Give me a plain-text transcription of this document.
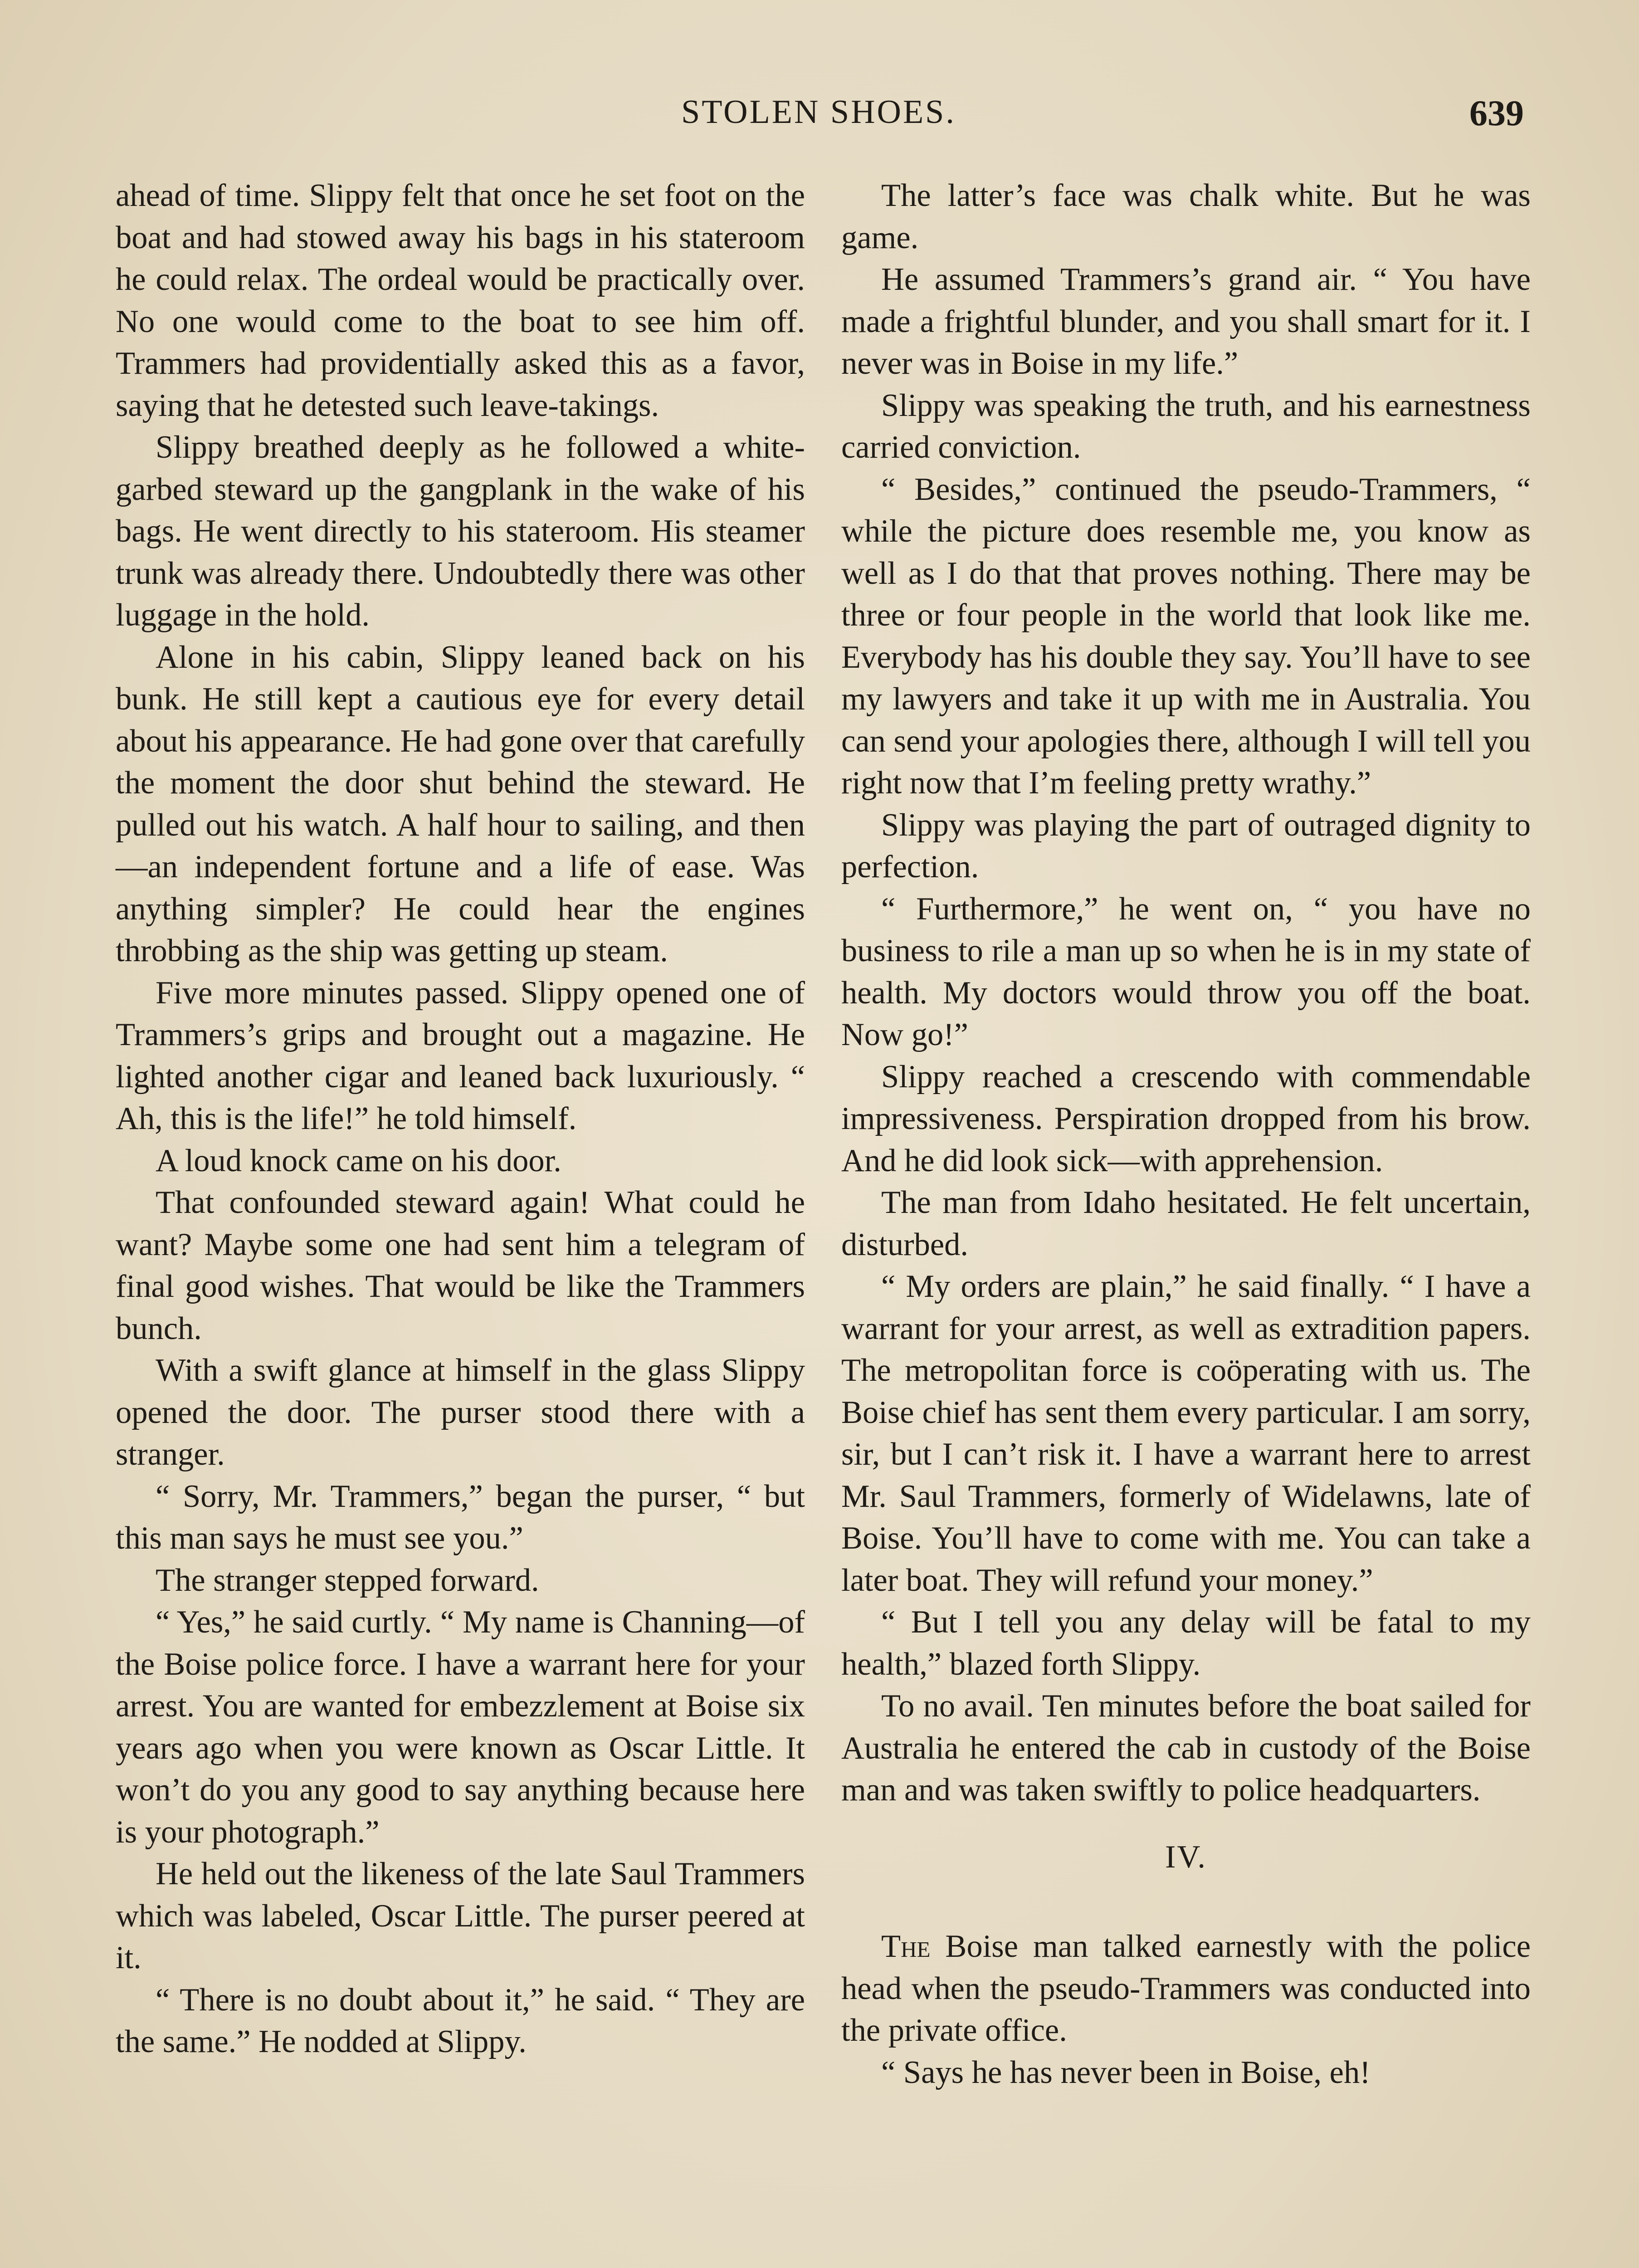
STOLEN SHOES.	639

ahead of time. Slippy felt that once he set foot on the boat and had stowed away his bags in his stateroom he could relax. The ordeal would be practically over. No one would come to the boat to see him off. Trammers had providentially asked this as a favor, saying that he detested such leave-takings.

Slippy breathed deeply as he followed a white-garbed steward up the gangplank in the wake of his bags. He went directly to his stateroom. His steamer trunk was already there. Undoubtedly there was other luggage in the hold.

Alone in his cabin, Slippy leaned back on his bunk. He still kept a cautious eye for every detail about his appearance. He had gone over that carefully the moment the door shut behind the steward. He pulled out his watch. A half hour to sailing, and then—an independent fortune and a life of ease. Was anything simpler? He could hear the engines throbbing as the ship was getting up steam.

Five more minutes passed. Slippy opened one of Trammers’s grips and brought out a magazine. He lighted another cigar and leaned back luxuriously. “ Ah, this is the life!” he told himself.

A loud knock came on his door.

That confounded steward again! What could he want? Maybe some one had sent him a telegram of final good wishes. That would be like the Trammers bunch.

With a swift glance at himself in the glass Slippy opened the door. The purser stood there with a stranger.

“ Sorry, Mr. Trammers,” began the purser, “ but this man says he must see you.”

The stranger stepped forward.

“ Yes,” he said curtly. “ My name is Channing—of the Boise police force. I have a warrant here for your arrest. You are wanted for embezzlement at Boise six years ago when you were known as Oscar Little. It won’t do you any good to say anything because here is your photograph.”

He held out the likeness of the late Saul Trammers which was labeled, Oscar Little. The purser peered at it.

“ There is no doubt about it,” he said. “ They are the same.” He nodded at Slippy.

The latter’s face was chalk white. But he was game.

He assumed Trammers’s grand air. “ You have made a frightful blunder, and you shall smart for it. I never was in Boise in my life.”

Slippy was speaking the truth, and his earnestness carried conviction.

“ Besides,” continued the pseudo-Trammers, “ while the picture does resemble me, you know as well as I do that that proves nothing. There may be three or four people in the world that look like me. Everybody has his double they say. You’ll have to see my lawyers and take it up with me in Australia. You can send your apologies there, although I will tell you right now that I’m feeling pretty wrathy.”

Slippy was playing the part of outraged dignity to perfection.

“ Furthermore,” he went on, “ you have no business to rile a man up so when he is in my state of health. My doctors would throw you off the boat. Now go!”

Slippy reached a crescendo with commendable impressiveness. Perspiration dropped from his brow. And he did look sick—with apprehension.

The man from Idaho hesitated. He felt uncertain, disturbed.

“ My orders are plain,” he said finally. “ I have a warrant for your arrest, as well as extradition papers. The metropolitan force is coöperating with us. The Boise chief has sent them every particular. I am sorry, sir, but I can’t risk it. I have a warrant here to arrest Mr. Saul Trammers, formerly of Widelawns, late of Boise. You’ll have to come with me. You can take a later boat. They will refund your money.”

“ But I tell you any delay will be fatal to my health,” blazed forth Slippy.

To no avail. Ten minutes before the boat sailed for Australia he entered the cab in custody of the Boise man and was taken swiftly to police headquarters.

IV.

The Boise man talked earnestly with the police head when the pseudo-Trammers was conducted into the private office.

“ Says he has never been in Boise, eh!
